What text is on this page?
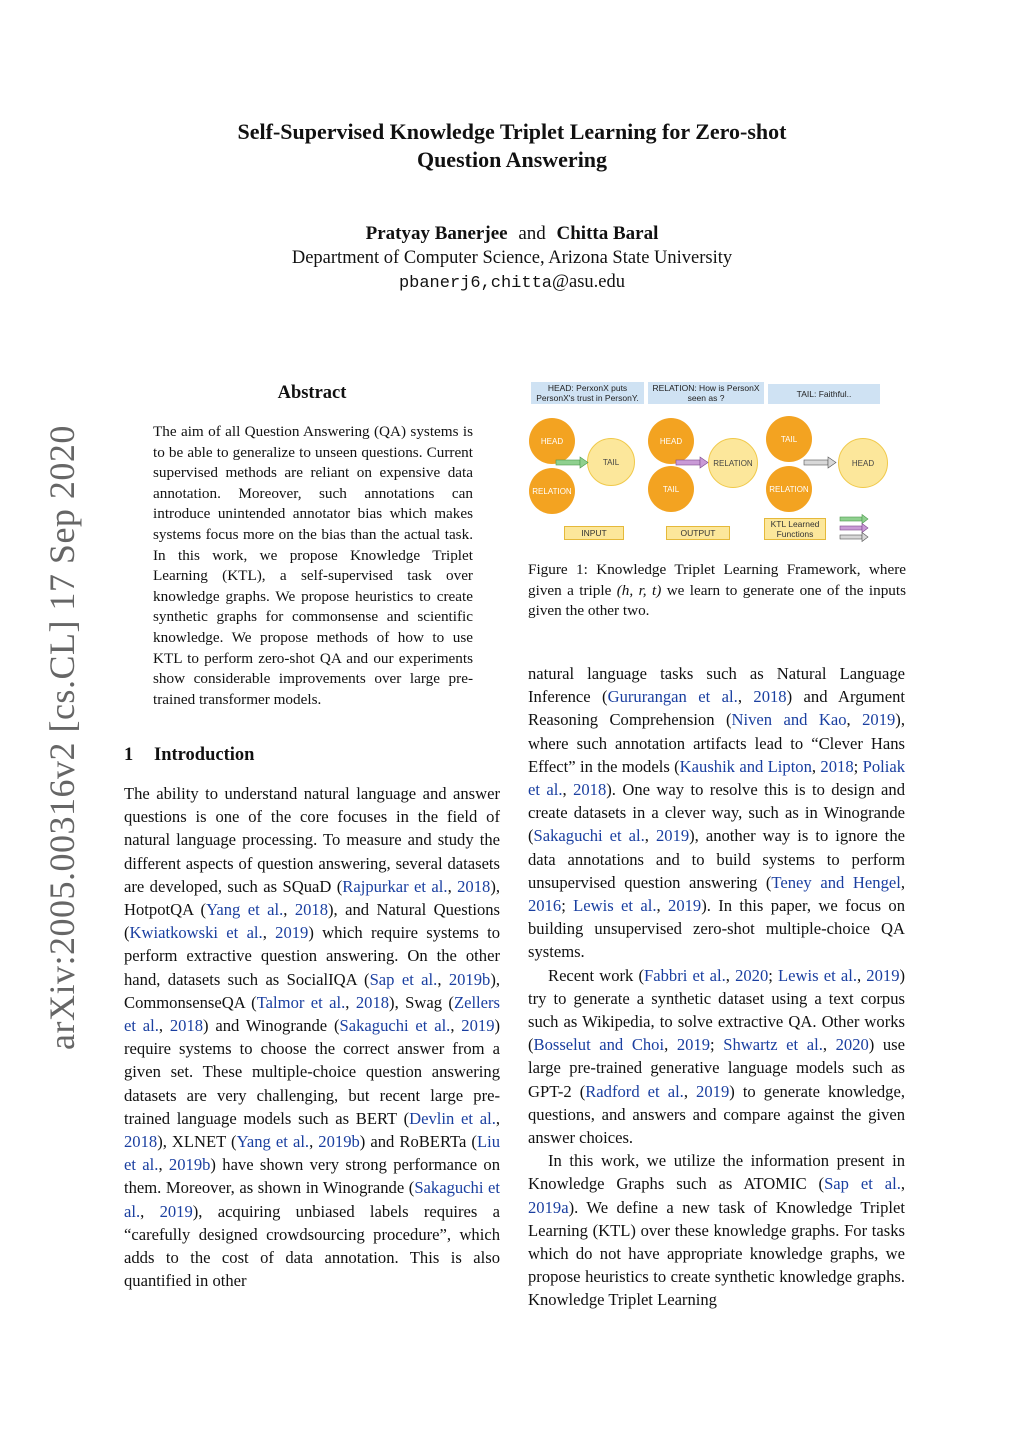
Self-Supervised Knowledge Triplet Learning for Zero-shot
Question Answering
Pratyay Banerjee and Chitta Baral
Department of Computer Science, Arizona State University
pbanerj6,chitta@asu.edu
arXiv:2005.00316v2 [cs.CL] 17 Sep 2020
Abstract
The aim of all Question Answering (QA) systems is to be able to generalize to unseen questions. Current supervised methods are reliant on expensive data annotation. Moreover, such annotations can introduce unintended annotator bias which makes systems focus more on the bias than the actual task. In this work, we propose Knowledge Triplet Learning (KTL), a self-supervised task over knowledge graphs. We propose heuristics to create synthetic graphs for commonsense and scientific knowledge. We propose methods of how to use KTL to perform zero-shot QA and our experiments show considerable improvements over large pre-trained transformer models.
1 Introduction

The ability to understand natural language and answer questions is one of the core focuses in the field of natural language processing. To measure and study the different aspects of question answering, several datasets are developed, such as SQuaD (Rajpurkar et al., 2018), HotpotQA (Yang et al., 2018), and Natural Questions (Kwiatkowski et al., 2019) which require systems to perform extractive question answering. On the other hand, datasets such as SocialIQA (Sap et al., 2019b), CommonsenseQA (Talmor et al., 2018), Swag (Zellers et al., 2018) and Winogrande (Sakaguchi et al., 2019) require systems to choose the correct answer from a given set. These multiple-choice question answering datasets are very challenging, but recent large pre-trained language models such as BERT (Devlin et al., 2018), XLNET (Yang et al., 2019b) and RoBERTa (Liu et al., 2019b) have shown very strong performance on them. Moreover, as shown in Winogrande (Sakaguchi et al., 2019), acquiring unbiased labels requires a “carefully designed crowdsourcing procedure”, which adds to the cost of data annotation. This is also quantified in other

HEAD: PerxonX puts PersonX's trust in PersonY.
RELATION: How is PersonX seen as ?	TAIL: Faithful..
HEAD
RELATION
TAIL
HEAD
TAIL
RELATION
TAIL
RELATION
HEAD
INPUT	OUTPUT
KTL Learned Functions
Figure 1: Knowledge Triplet Learning Framework, where given a triple (h, r, t) we learn to generate one of the inputs given the other two.

natural language tasks such as Natural Language Inference (Gururangan et al., 2018) and Argument Reasoning Comprehension (Niven and Kao, 2019), where such annotation artifacts lead to “Clever Hans Effect” in the models (Kaushik and Lipton, 2018; Poliak et al., 2018). One way to resolve this is to design and create datasets in a clever way, such as in Winogrande (Sakaguchi et al., 2019), another way is to ignore the data annotations and to build systems to perform unsupervised question answering (Teney and Hengel, 2016; Lewis et al., 2019). In this paper, we focus on building unsupervised zero-shot multiple-choice QA systems.

Recent work (Fabbri et al., 2020; Lewis et al., 2019) try to generate a synthetic dataset using a text corpus such as Wikipedia, to solve extractive QA. Other works (Bosselut and Choi, 2019; Shwartz et al., 2020) use large pre-trained generative language models such as GPT-2 (Radford et al., 2019) to generate knowledge, questions, and answers and compare against the given answer choices.

In this work, we utilize the information present in Knowledge Graphs such as ATOMIC (Sap et al., 2019a). We define a new task of Knowledge Triplet Learning (KTL) over these knowledge graphs. For tasks which do not have appropriate knowledge graphs, we propose heuristics to create synthetic knowledge graphs. Knowledge Triplet Learning
